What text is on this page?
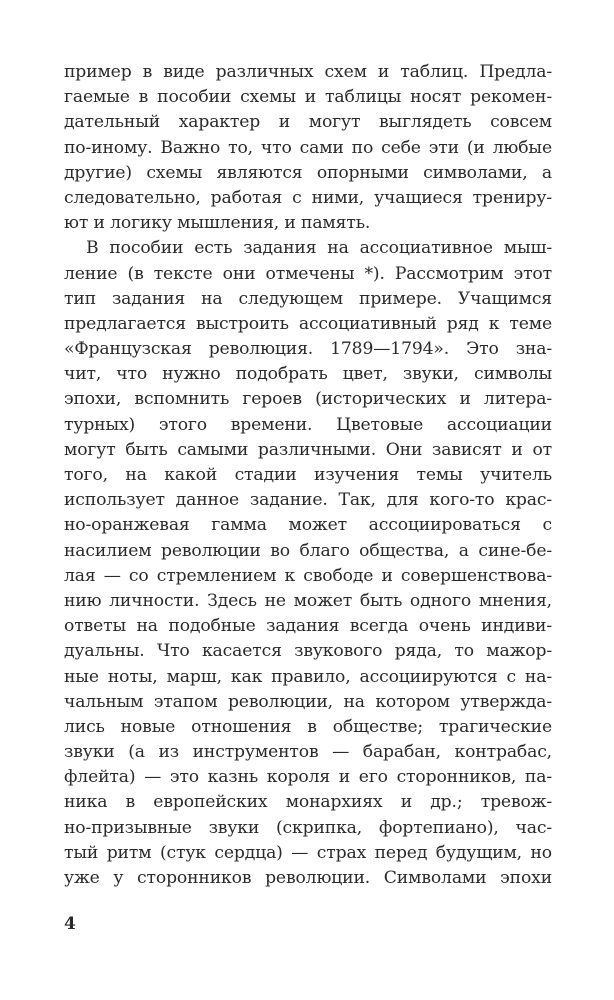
пример в виде различных схем и таблиц. Предла-
гаемые в пособии схемы и таблицы носят рекомен-
дательный характер и могут выглядеть совсем
по-иному. Важно то, что сами по себе эти (и любые
другие) схемы являются опорными символами, а
следовательно, работая с ними, учащиеся трениру-
ют и логику мышления, и память.
В пособии есть задания на ассоциативное мыш-
ление (в тексте они отмечены *). Рассмотрим этот
тип задания на следующем примере. Учащимся
предлагается выстроить ассоциативный ряд к теме
«Французская революция. 1789—1794». Это зна-
чит, что нужно подобрать цвет, звуки, символы
эпохи, вспомнить героев (исторических и литера-
турных) этого времени. Цветовые ассоциации
могут быть самыми различными. Они зависят и от
того, на какой стадии изучения темы учитель
использует данное задание. Так, для кого-то крас-
но-оранжевая гамма может ассоциироваться с
насилием революции во благо общества, а сине-бе-
лая — со стремлением к свободе и совершенствова-
нию личности. Здесь не может быть одного мнения,
ответы на подобные задания всегда очень индиви-
дуальны. Что касается звукового ряда, то мажор-
ные ноты, марш, как правило, ассоциируются с на-
чальным этапом революции, на котором утвержда-
лись новые отношения в обществе; трагические
звуки (а из инструментов — барабан, контрабас,
флейта) — это казнь короля и его сторонников, па-
ника в европейских монархиях и др.; тревож-
но-призывные звуки (скрипка, фортепиано), час-
тый ритм (стук сердца) — страх перед будущим, но
уже у сторонников революции. Символами эпохи
4
